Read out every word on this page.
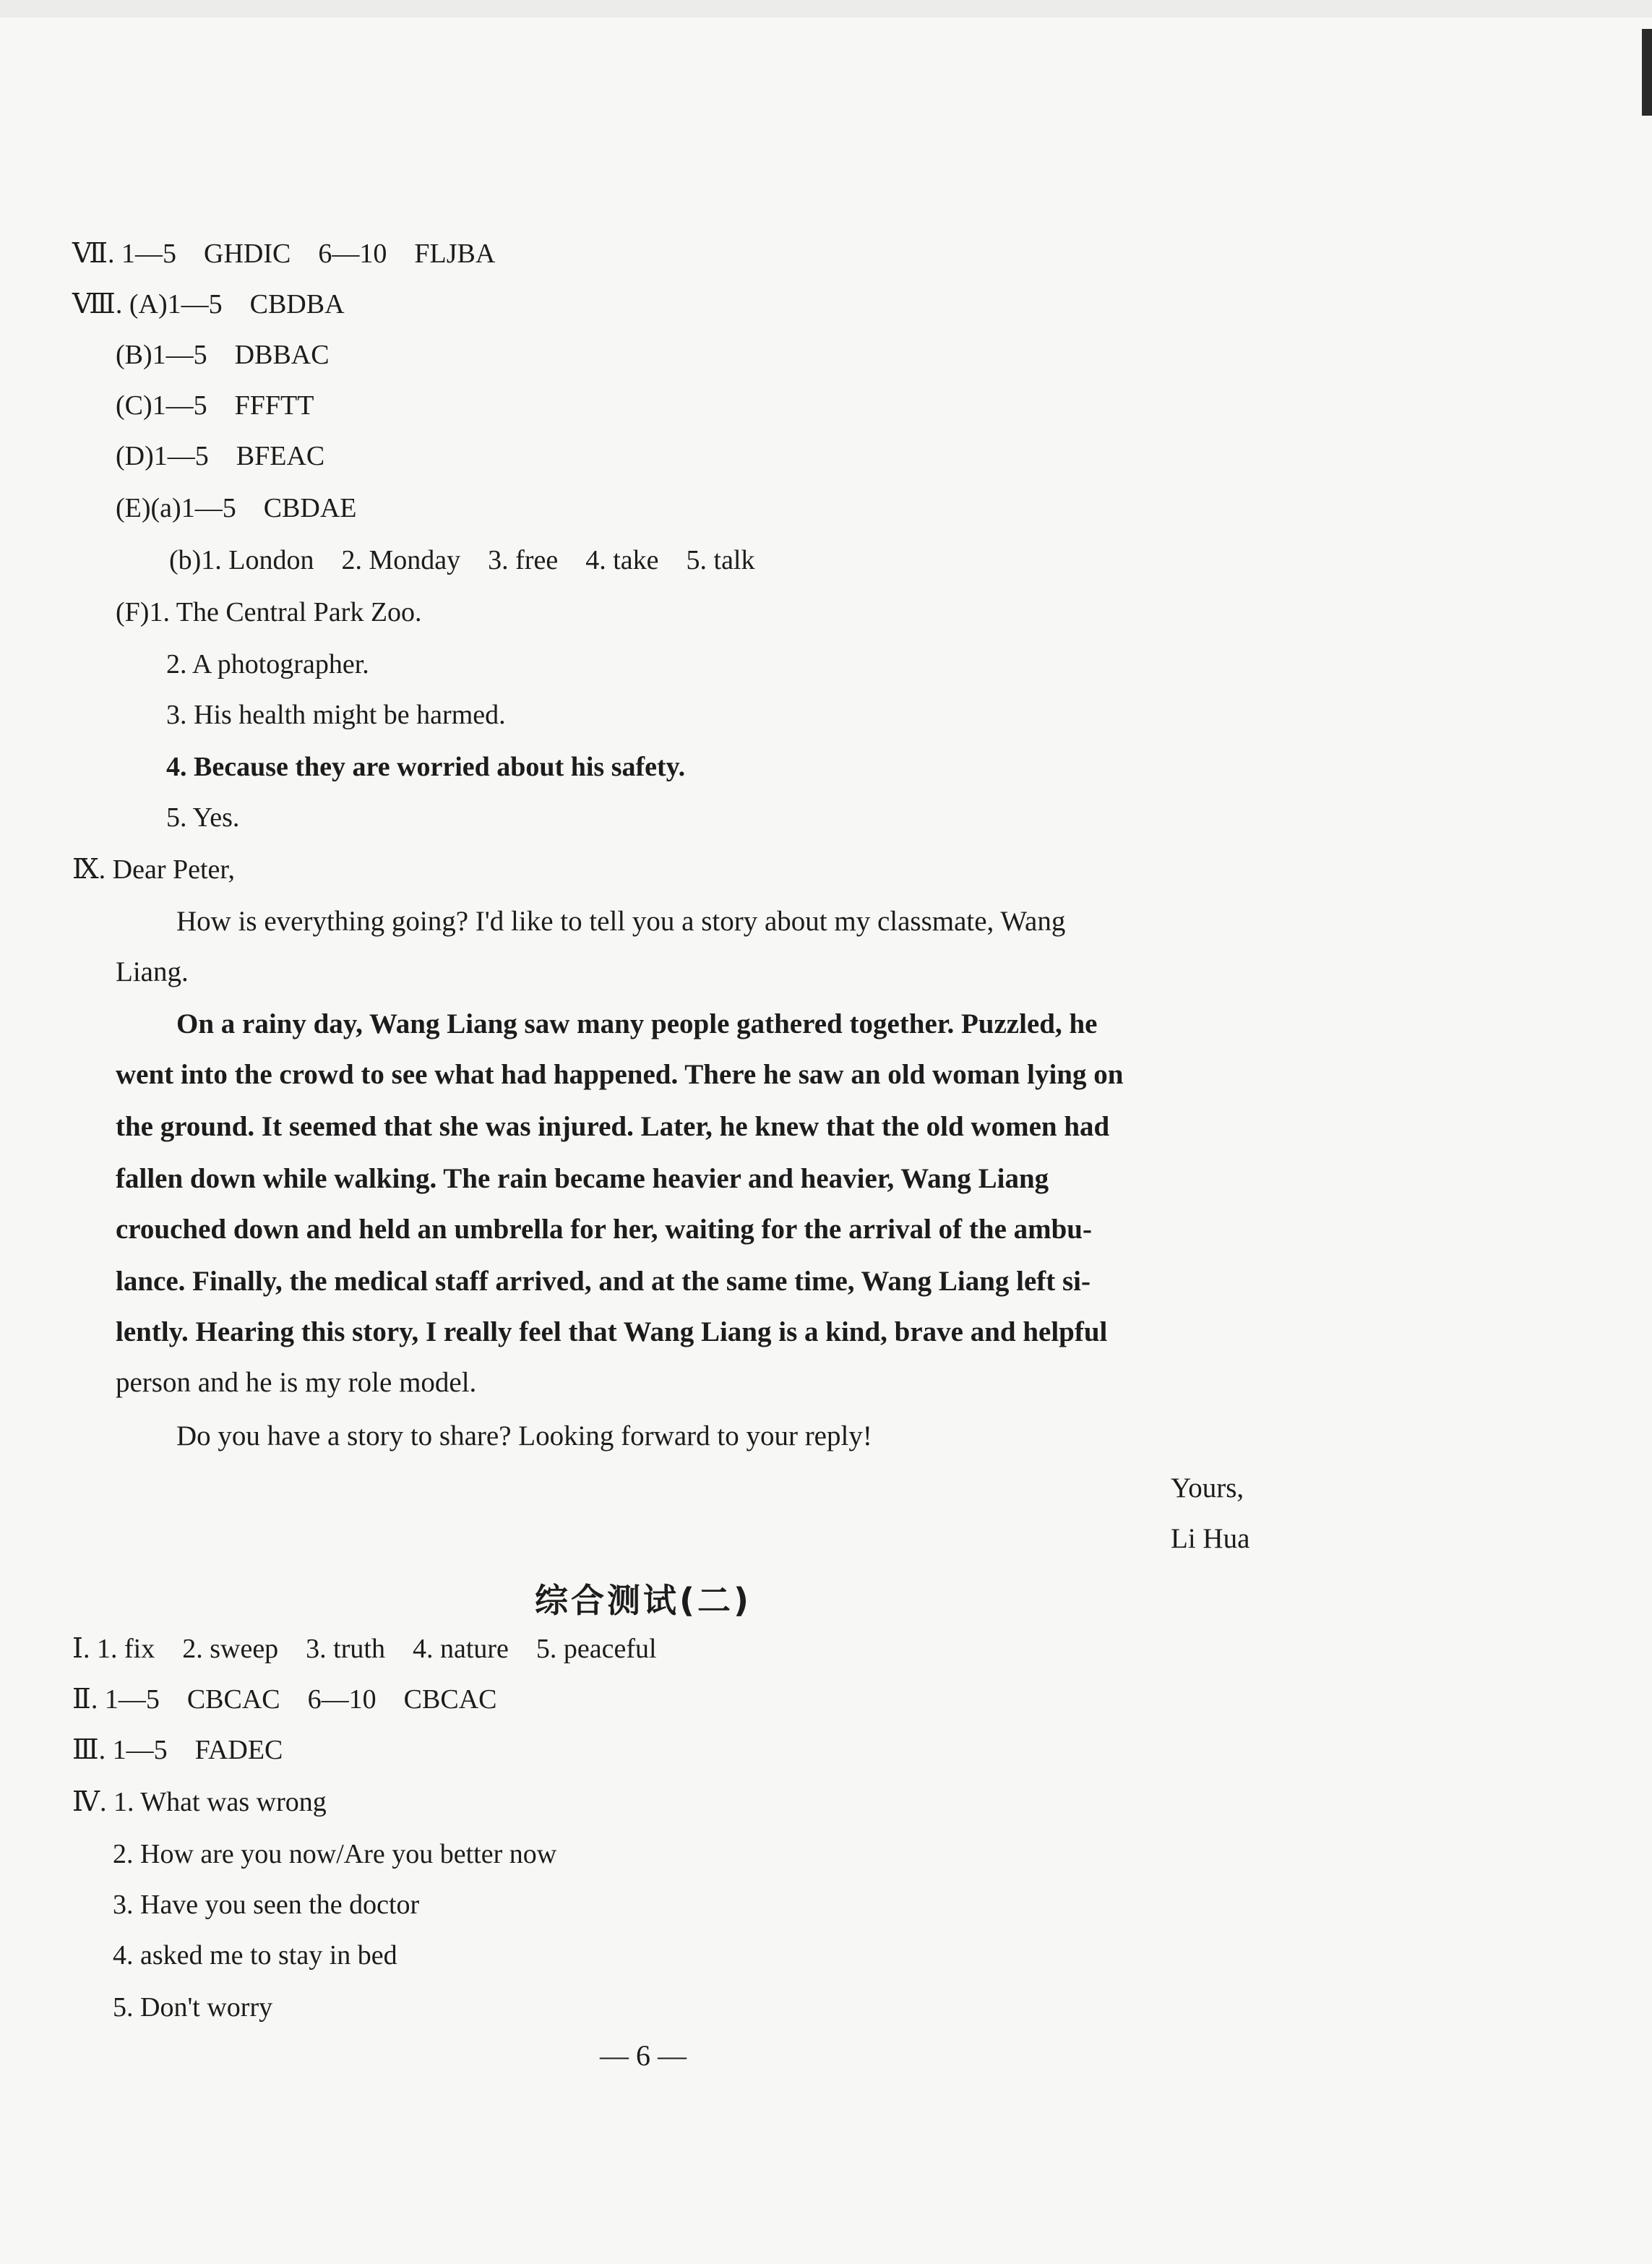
Ⅶ. 1—5　GHDIC　6—10　FLJBA
Ⅷ. (A)1—5　CBDBA
(B)1—5　DBBAC
(C)1—5　FFFTT
(D)1—5　BFEAC
(E)(a)1—5　CBDAE
(b)1. London　2. Monday　3. free　4. take　5. talk
(F)1. The Central Park Zoo.
2. A photographer.
3. His health might be harmed.
4. Because they are worried about his safety.
5. Yes.
Ⅸ. Dear Peter,
How is everything going? I'd like to tell you a story about my classmate, Wang
Liang.
On a rainy day, Wang Liang saw many people gathered together. Puzzled, he
went into the crowd to see what had happened. There he saw an old woman lying on
the ground. It seemed that she was injured. Later, he knew that the old women had
fallen down while walking. The rain became heavier and heavier, Wang Liang
crouched down and held an umbrella for her, waiting for the arrival of the ambu-
lance. Finally, the medical staff arrived, and at the same time, Wang Liang left si-
lently. Hearing this story, I really feel that Wang Liang is a kind, brave and helpful
person and he is my role model.
Do you have a story to share? Looking forward to your reply!
Yours,
Li Hua
综合测试(二)
Ⅰ. 1. fix　2. sweep　3. truth　4. nature　5. peaceful
Ⅱ. 1—5　CBCAC　6—10　CBCAC
Ⅲ. 1—5　FADEC
Ⅳ. 1. What was wrong
2. How are you now/Are you better now
3. Have you seen the doctor
4. asked me to stay in bed
5. Don't worry
— 6 —
